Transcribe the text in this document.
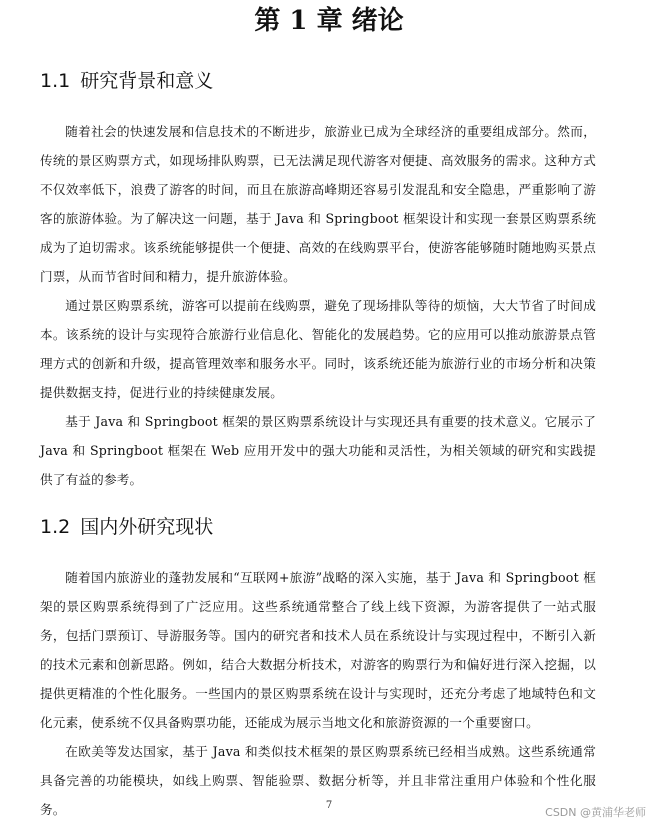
第 1 章 绪论
1.1 研究背景和意义

随着社会的快速发展和信息技术的不断进步，旅游业已成为全球经济的重要组成部分。然而，传统的景区购票方式，如现场排队购票，已无法满足现代游客对便捷、高效服务的需求。这种方式不仅效率低下，浪费了游客的时间，而且在旅游高峰期还容易引发混乱和安全隐患，严重影响了游客的旅游体验。为了解决这一问题，基于 Java 和 Springboot 框架设计和实现一套景区购票系统成为了迫切需求。该系统能够提供一个便捷、高效的在线购票平台，使游客能够随时随地购买景点门票，从而节省时间和精力，提升旅游体验。

通过景区购票系统，游客可以提前在线购票，避免了现场排队等待的烦恼，大大节省了时间成本。该系统的设计与实现符合旅游行业信息化、智能化的发展趋势。它的应用可以推动旅游景点管理方式的创新和升级，提高管理效率和服务水平。同时，该系统还能为旅游行业的市场分析和决策提供数据支持，促进行业的持续健康发展。

基于 Java 和 Springboot 框架的景区购票系统设计与实现还具有重要的技术意义。它展示了 Java 和 Springboot 框架在 Web 应用开发中的强大功能和灵活性，为相关领域的研究和实践提供了有益的参考。

1.2 国内外研究现状

随着国内旅游业的蓬勃发展和“互联网+旅游”战略的深入实施，基于 Java 和 Springboot 框架的景区购票系统得到了广泛应用。这些系统通常整合了线上线下资源，为游客提供了一站式服务，包括门票预订、导游服务等。国内的研究者和技术人员在系统设计与实现过程中，不断引入新的技术元素和创新思路。例如，结合大数据分析技术，对游客的购票行为和偏好进行深入挖掘，以提供更精准的个性化服务。一些国内的景区购票系统在设计与实现时，还充分考虑了地域特色和文化元素，使系统不仅具备购票功能，还能成为展示当地文化和旅游资源的一个重要窗口。

在欧美等发达国家，基于 Java 和类似技术框架的景区购票系统已经相当成熟。这些系统通常具备完善的功能模块，如线上购票、智能验票、数据分析等，并且非常注重用户体验和个性化服务。	7
CSDN @黄浦华老师
